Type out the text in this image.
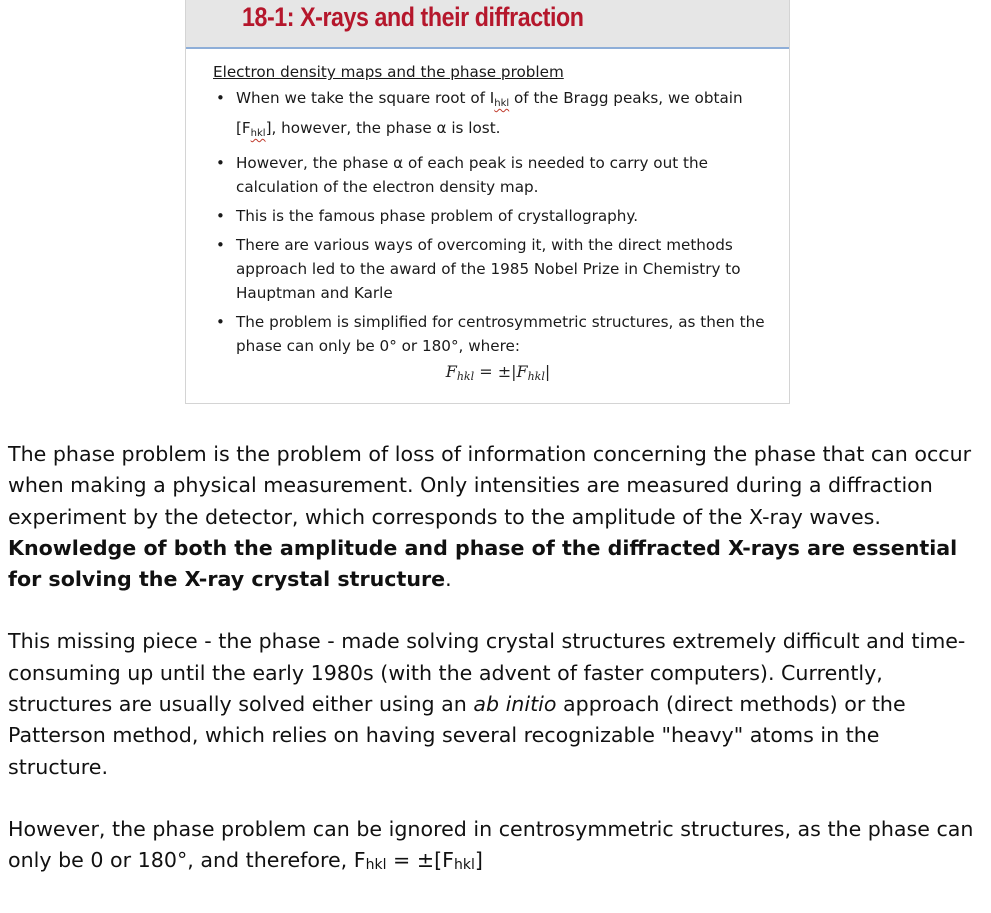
18-1: X-rays and their diffraction
Electron density maps and the phase problem
• When we take the square root of $I_{hkl}$ of the Bragg peaks, we obtain $[F_{hkl}]$, however, the phase α is lost.
• However, the phase α of each peak is needed to carry out the calculation of the electron density map.
• This is the famous phase problem of crystallography.
• There are various ways of overcoming it, with the direct methods approach led to the award of the 1985 Nobel Prize in Chemistry to Hauptman and Karle
• The problem is simplified for centrosymmetric structures, as then the phase can only be 0° or 180°, where:
Fhkl = ±|Fhkl|

The phase problem is the problem of loss of information concerning the phase that can occur when making a physical measurement. Only intensities are measured during a diffraction experiment by the detector, which corresponds to the amplitude of the X-ray waves. Knowledge of both the amplitude and phase of the diffracted X-rays are essential for solving the X-ray crystal structure.

This missing piece - the phase - made solving crystal structures extremely difficult and time-consuming up until the early 1980s (with the advent of faster computers). Currently, structures are usually solved either using an ab initio approach (direct methods) or the Patterson method, which relies on having several recognizable "heavy" atoms in the structure.

However, the phase problem can be ignored in centrosymmetric structures, as the phase can only be 0 or 180°, and therefore, Fhkl = ±[Fhkl]
